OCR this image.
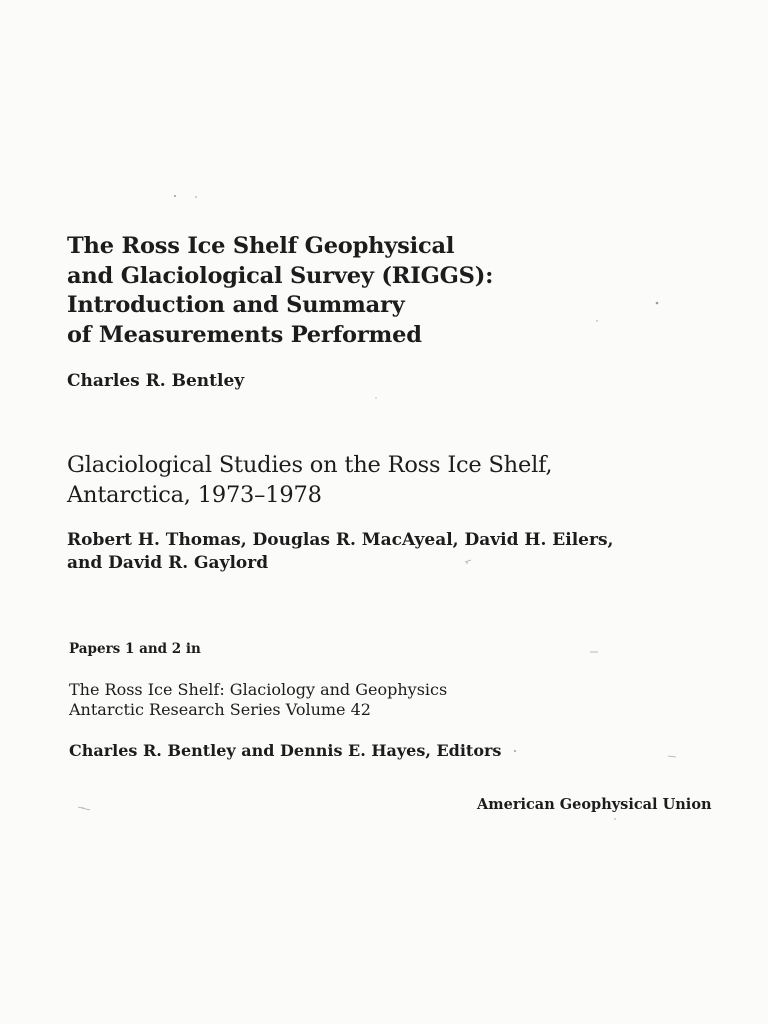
The Ross Ice Shelf Geophysical
and Glaciological Survey (RIGGS):
Introduction and Summary
of Measurements Performed
Charles R. Bentley
Glaciological Studies on the Ross Ice Shelf,
Antarctica, 1973–1978
Robert H. Thomas, Douglas R. MacAyeal, David H. Eilers,
and David R. Gaylord
Papers 1 and 2 in
The Ross Ice Shelf: Glaciology and Geophysics
Antarctic Research Series Volume 42
Charles R. Bentley and Dennis E. Hayes, Editors
American Geophysical Union
